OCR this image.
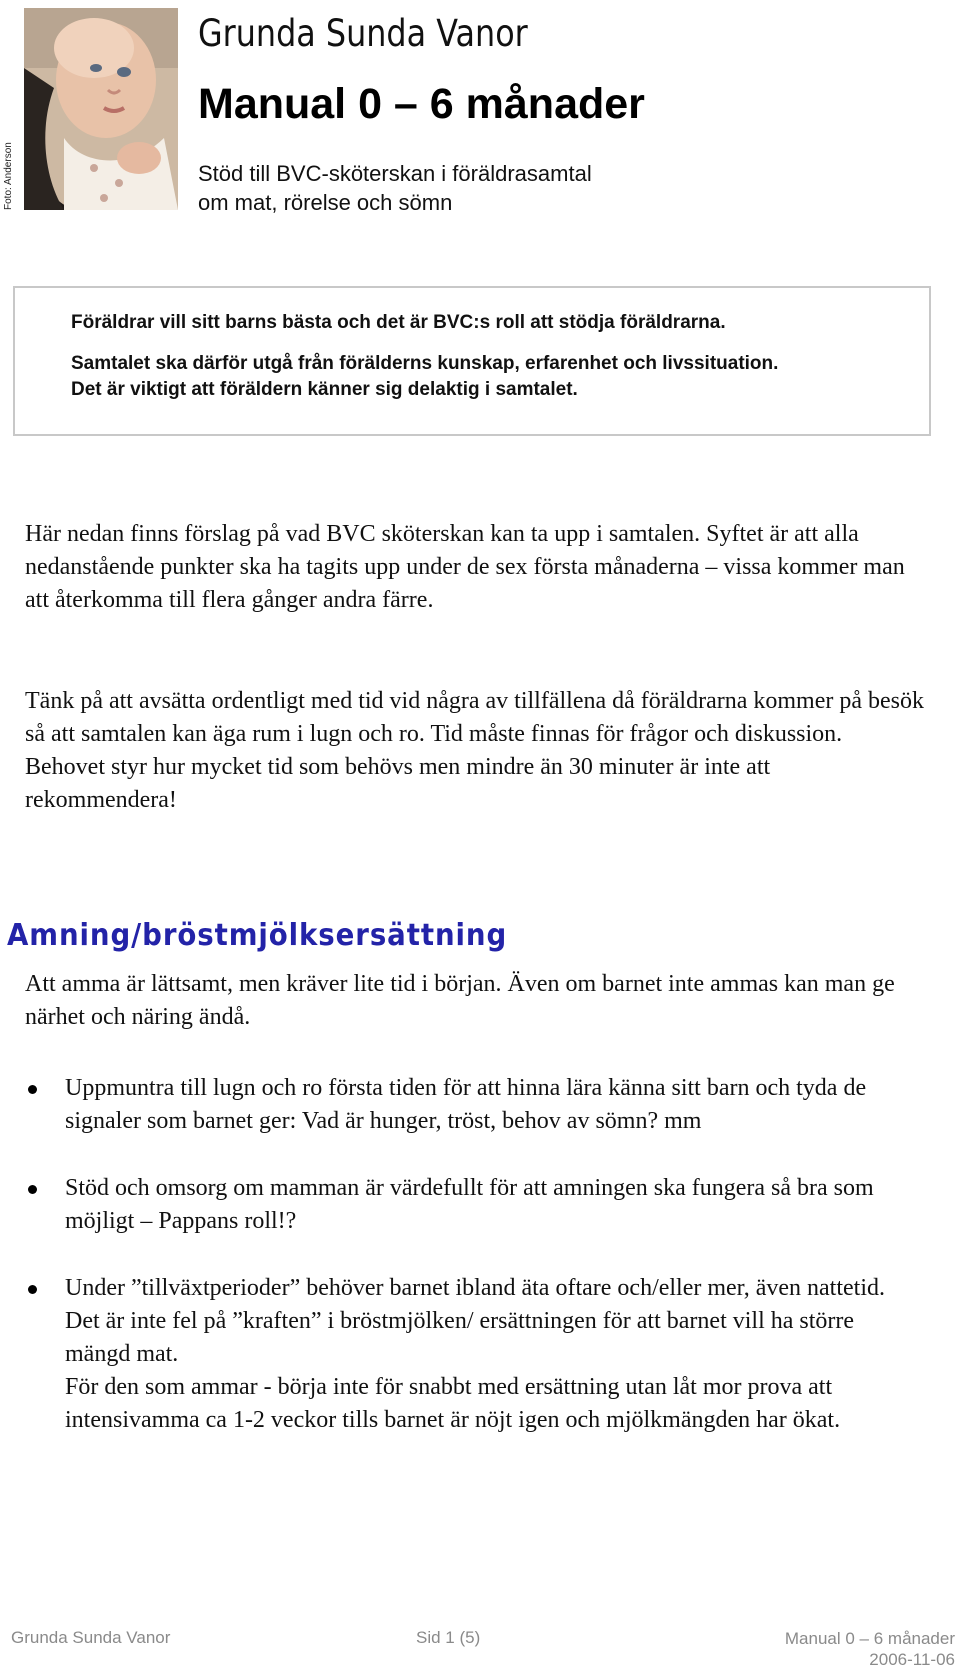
Foto: Anderson
Grunda Sunda Vanor
Manual 0 – 6 månader
Stöd till BVC-sköterskan i föräldrasamtal
om mat, rörelse och sömn

Föräldrar vill sitt barns bästa och det är BVC:s roll att stödja föräldrarna.

Samtalet ska därför utgå från förälderns kunskap, erfarenhet och livssituation.
Det är viktigt att föräldern känner sig delaktig i samtalet.

Här nedan finns förslag på vad BVC sköterskan kan ta upp i samtalen. Syftet är att alla nedanstående punkter ska ha tagits upp under de sex första månaderna – vissa kommer man att återkomma till flera gånger andra färre.

Tänk på att avsätta ordentligt med tid vid några av tillfällena då föräldrarna kommer på besök så att samtalen kan äga rum i lugn och ro. Tid måste finnas för frågor och diskussion. Behovet styr hur mycket tid som behövs men mindre än 30 minuter är inte att rekommendera!

Amning/bröstmjölksersättning

Att amma är lättsamt, men kräver lite tid i början. Även om barnet inte ammas kan man ge närhet och näring ändå.

Uppmuntra till lugn och ro första tiden för att hinna lära känna sitt barn och tyda de signaler som barnet ger: Vad är hunger, tröst, behov av sömn? mm
Stöd och omsorg om mamman är värdefullt för att amningen ska fungera så bra som möjligt – Pappans roll!?
Under ”tillväxtperioder” behöver barnet ibland äta oftare och/eller mer, även nattetid. Det är inte fel på ”kraften” i bröstmjölken/ ersättningen för att barnet vill ha större mängd mat.
För den som ammar - börja inte för snabbt med ersättning utan låt mor prova att intensivamma ca 1-2 veckor tills barnet är nöjt igen och mjölkmängden har ökat.
Grunda Sunda Vanor	Sid 1 (5)	Manual 0 – 6 månader
2006-11-06
